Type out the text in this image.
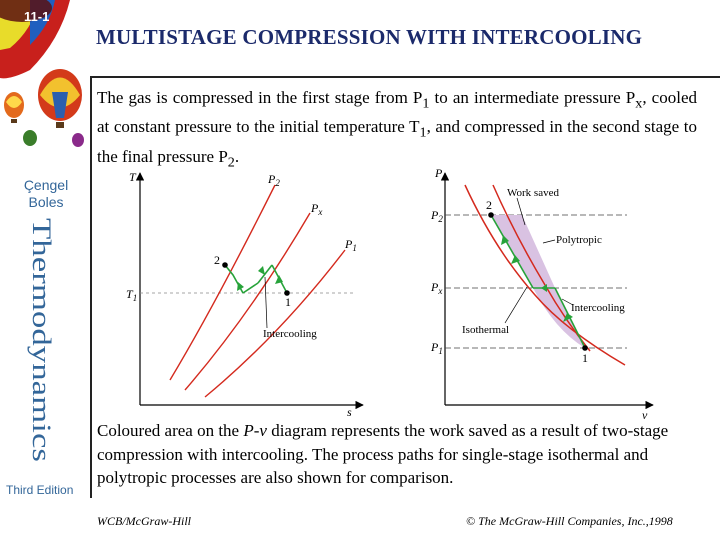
11-1
Çengel
Boles
Thermodynamics
Third Edition
MULTISTAGE COMPRESSION WITH INTERCOOLING
The gas is compressed in the first stage from $P_1$ to an intermediate pressure $P_x$, cooled at constant pressure to the initial temperature $T_1$, and compressed in the second stage to the final pressure $P_2$.
T
s
$T_1$
$P_2$
$P_x$
$P_1$
2
1
Intercooling
P
v
$P_2$
$P_x$
$P_1$
2
1
Work saved
Polytropic
Intercooling
Isothermal
Coloured area on the P-v diagram represents the work saved as a result of two-stage compression with intercooling. The process paths for single-stage isothermal and polytropic processes are also shown for comparison.
WCB/McGraw-Hill	© The McGraw-Hill Companies, Inc.,1998
